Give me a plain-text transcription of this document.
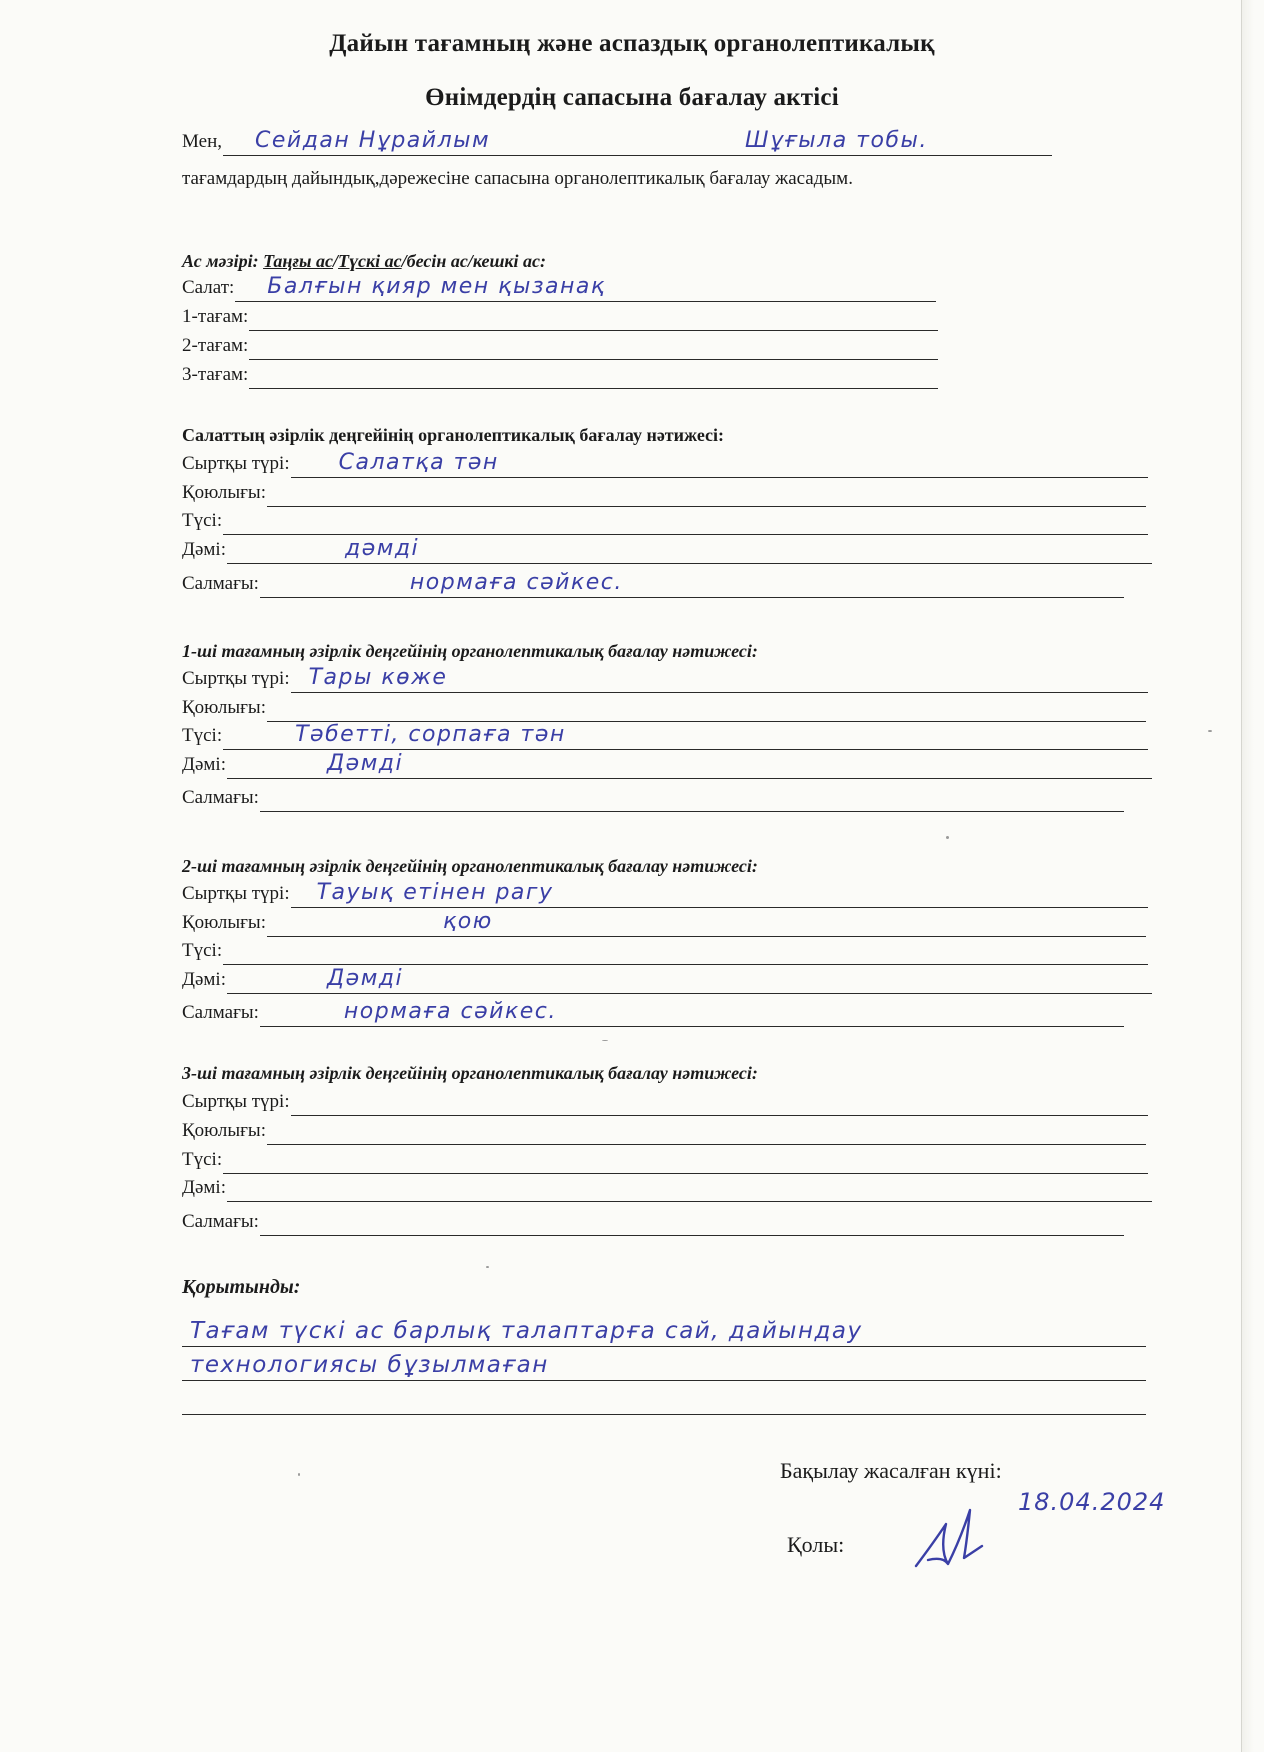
Дайын тағамның және аспаздық органолептикалық
Өнімдердің сапасына бағалау актісі
Мен, Сейдан Нұрайлым	Шұғыла тобы.
тағамдардың дайындық,дәрежесіне сапасына органолептикалық бағалау жасадым.
Ас мәзірі: Таңғы ас/Түскі ас/бесін ас/кешкі ас:
Салат: Балғын қияр мен қызанақ
1-тағам:
2-тағам:
3-тағам:
Салаттың әзірлік деңгейінің органолептикалық бағалау нәтижесі:
Сыртқы түрі: Салатқа тән
Қоюлығы:
Түсі:
Дәмі:	дәмді
Салмағы:	нормаға сәйкес.
1-ші тағамның әзірлік деңгейінің органолептикалық бағалау нәтижесі:
Сыртқы түрі: Тары көже
Қоюлығы:
Түсі:	Тәбетті, сорпаға тән
Дәмі:	Дәмді
Салмағы:
2-ші тағамның әзірлік деңгейінің органолептикалық бағалау нәтижесі:
Сыртқы түрі: Тауық етінен рагу
Қоюлығы:	қою
Түсі:
Дәмі:	Дәмді
Салмағы:	нормаға сәйкес.
3-ші тағамның әзірлік деңгейінің органолептикалық бағалау нәтижесі:
Сыртқы түрі:
Қоюлығы:
Түсі:
Дәмі:
Салмағы:
Қорытынды:
Тағам түскі ас барлық талаптарға сай, дайындау
технологиясы бұзылмаған
Бақылау жасалған күні:
18.04.2024
Қолы:
